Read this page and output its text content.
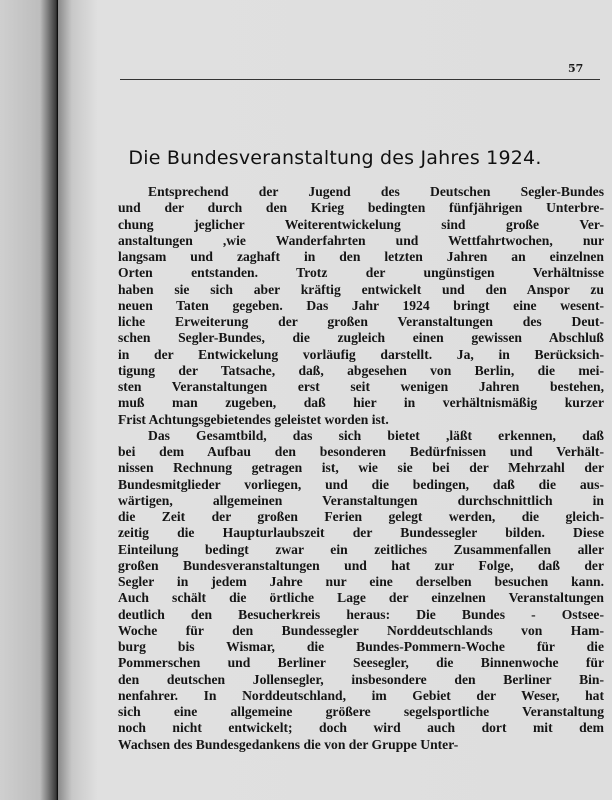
57
Die Bundesveranstaltung des Jahres 1924.
Entsprechend der Jugend des Deutschen Segler-Bundes
und der durch den Krieg bedingten fünfjährigen Unterbre-
chung jeglicher Weiterentwickelung sind große Ver-
anstaltungen ,wie Wanderfahrten und Wettfahrtwochen, nur
langsam und zaghaft in den letzten Jahren an einzelnen
Orten entstanden. Trotz der ungünstigen Verhältnisse
haben sie sich aber kräftig entwickelt und den Anspor zu
neuen Taten gegeben. Das Jahr 1924 bringt eine wesent-
liche Erweiterung der großen Veranstaltungen des Deut-
schen Segler-Bundes, die zugleich einen gewissen Abschluß
in der Entwickelung vorläufig darstellt. Ja, in Berücksich-
tigung der Tatsache, daß, abgesehen von Berlin, die mei-
sten Veranstaltungen erst seit wenigen Jahren bestehen,
muß man zugeben, daß hier in verhältnismäßig kurzer
Frist Achtungsgebietendes geleistet worden ist.
Das Gesamtbild, das sich bietet ,läßt erkennen, daß
bei dem Aufbau den besonderen Bedürfnissen und Verhält-
nissen Rechnung getragen ist, wie sie bei der Mehrzahl der
Bundesmitglieder vorliegen, und die bedingen, daß die aus-
wärtigen, allgemeinen Veranstaltungen durchschnittlich in
die Zeit der großen Ferien gelegt werden, die gleich-
zeitig die Haupturlaubszeit der Bundessegler bilden. Diese
Einteilung bedingt zwar ein zeitliches Zusammenfallen aller
großen Bundesveranstaltungen und hat zur Folge, daß der
Segler in jedem Jahre nur eine derselben besuchen kann.
Auch schält die örtliche Lage der einzelnen Veranstaltungen
deutlich den Besucherkreis heraus: Die Bundes - Ostsee-
Woche für den Bundessegler Norddeutschlands von Ham-
burg bis Wismar, die Bundes-Pommern-Woche für die
Pommerschen und Berliner Seesegler, die Binnenwoche für
den deutschen Jollensegler, insbesondere den Berliner Bin-
nenfahrer. In Norddeutschland, im Gebiet der Weser, hat
sich eine allgemeine größere segelsportliche Veranstaltung
noch nicht entwickelt; doch wird auch dort mit dem
Wachsen des Bundesgedankens die von der Gruppe Unter-
